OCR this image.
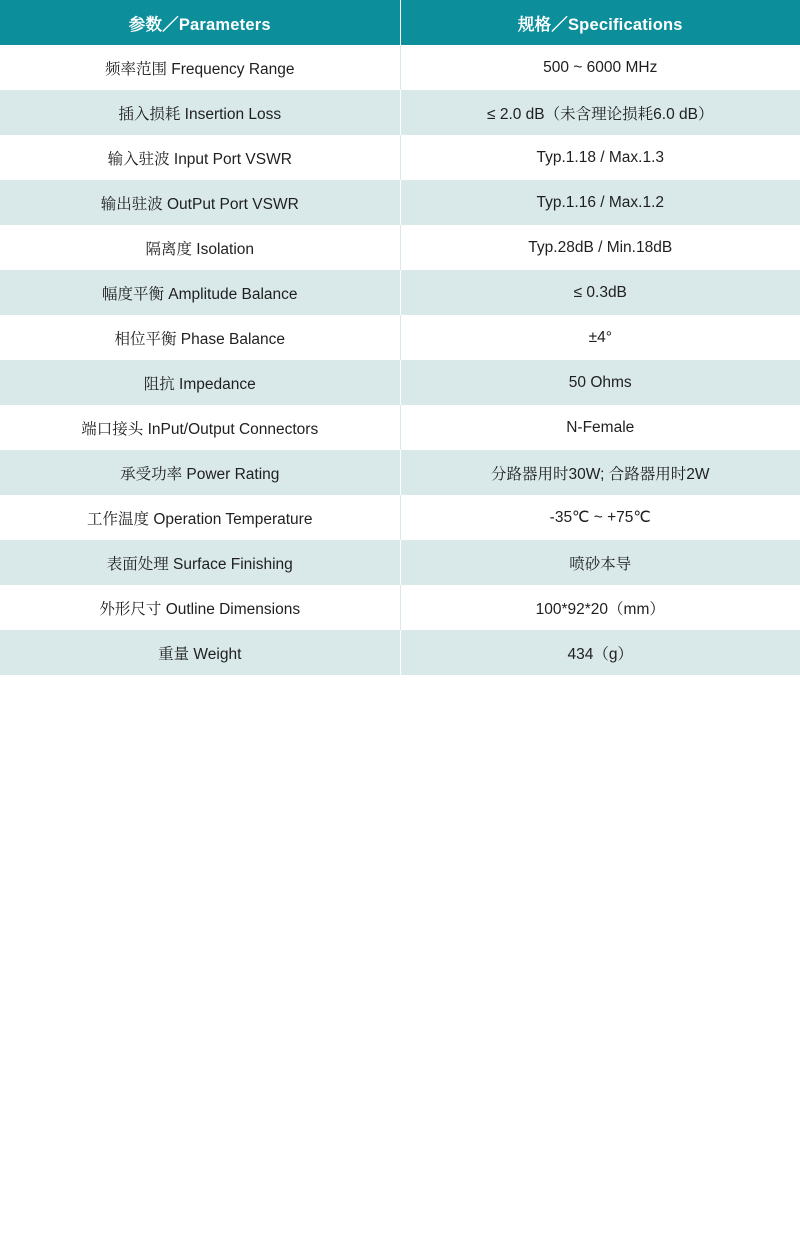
参数／Parameters	规格／Specifications
频率范围 Frequency Range	500 ~ 6000 MHz
插入损耗 Insertion Loss	≤ 2.0 dB（未含理论损耗6.0 dB）
输入驻波 Input Port VSWR	Typ.1.18 / Max.1.3
输出驻波 OutPut Port VSWR	Typ.1.16 / Max.1.2
隔离度 Isolation	Typ.28dB / Min.18dB
幅度平衡 Amplitude Balance	≤ 0.3dB
相位平衡 Phase Balance	±4°
阻抗 Impedance	50 Ohms
端口接头 InPut/Output Connectors	N-Female
承受功率 Power Rating	分路器用时30W; 合路器用时2W
工作温度 Operation Temperature	-35℃ ~ +75℃
表面处理 Surface Finishing	喷砂本导
外形尺寸 Outline Dimensions	100*92*20（mm）
重量 Weight	434（g）
